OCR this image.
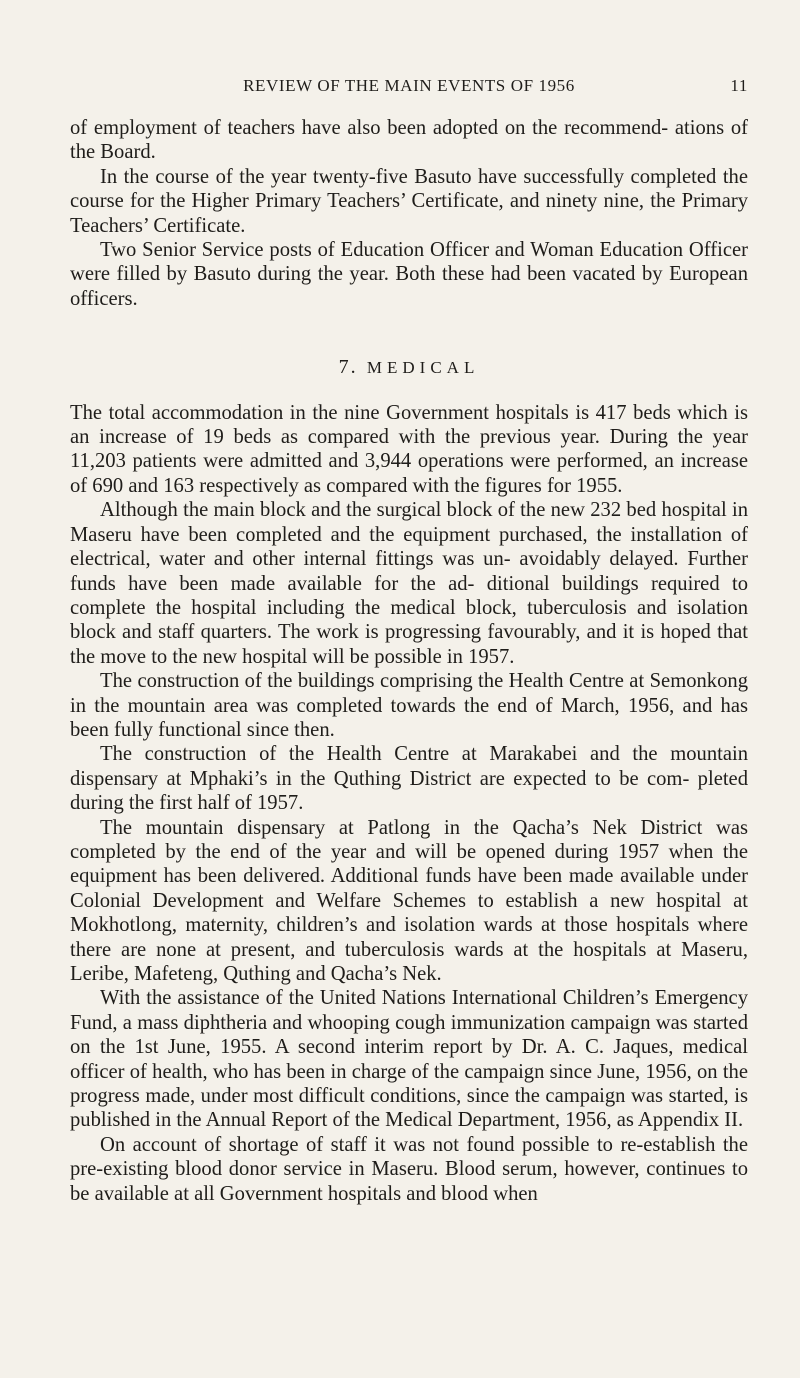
REVIEW OF THE MAIN EVENTS OF 1956	11

of employment of teachers have also been adopted on the recommend- ations of the Board.

In the course of the year twenty-five Basuto have successfully completed the course for the Higher Primary Teachers’ Certificate, and ninety nine, the Primary Teachers’ Certificate.

Two Senior Service posts of Education Officer and Woman Education Officer were filled by Basuto during the year. Both these had been vacated by European officers.

7. MEDICAL

The total accommodation in the nine Government hospitals is 417 beds which is an increase of 19 beds as compared with the previous year. During the year 11,203 patients were admitted and 3,944 operations were performed, an increase of 690 and 163 respectively as compared with the figures for 1955.

Although the main block and the surgical block of the new 232 bed hospital in Maseru have been completed and the equipment purchased, the installation of electrical, water and other internal fittings was un- avoidably delayed. Further funds have been made available for the ad- ditional buildings required to complete the hospital including the medical block, tuberculosis and isolation block and staff quarters. The work is progressing favourably, and it is hoped that the move to the new hospital will be possible in 1957.

The construction of the buildings comprising the Health Centre at Semonkong in the mountain area was completed towards the end of March, 1956, and has been fully functional since then.

The construction of the Health Centre at Marakabei and the mountain dispensary at Mphaki’s in the Quthing District are expected to be com- pleted during the first half of 1957.

The mountain dispensary at Patlong in the Qacha’s Nek District was completed by the end of the year and will be opened during 1957 when the equipment has been delivered. Additional funds have been made available under Colonial Development and Welfare Schemes to establish a new hospital at Mokhotlong, maternity, children’s and isolation wards at those hospitals where there are none at present, and tuberculosis wards at the hospitals at Maseru, Leribe, Mafeteng, Quthing and Qacha’s Nek.

With the assistance of the United Nations International Children’s Emergency Fund, a mass diphtheria and whooping cough immunization campaign was started on the 1st June, 1955. A second interim report by Dr. A. C. Jaques, medical officer of health, who has been in charge of the campaign since June, 1956, on the progress made, under most difficult conditions, since the campaign was started, is published in the Annual Report of the Medical Department, 1956, as Appendix II.

On account of shortage of staff it was not found possible to re-establish the pre-existing blood donor service in Maseru. Blood serum, however, continues to be available at all Government hospitals and blood when
